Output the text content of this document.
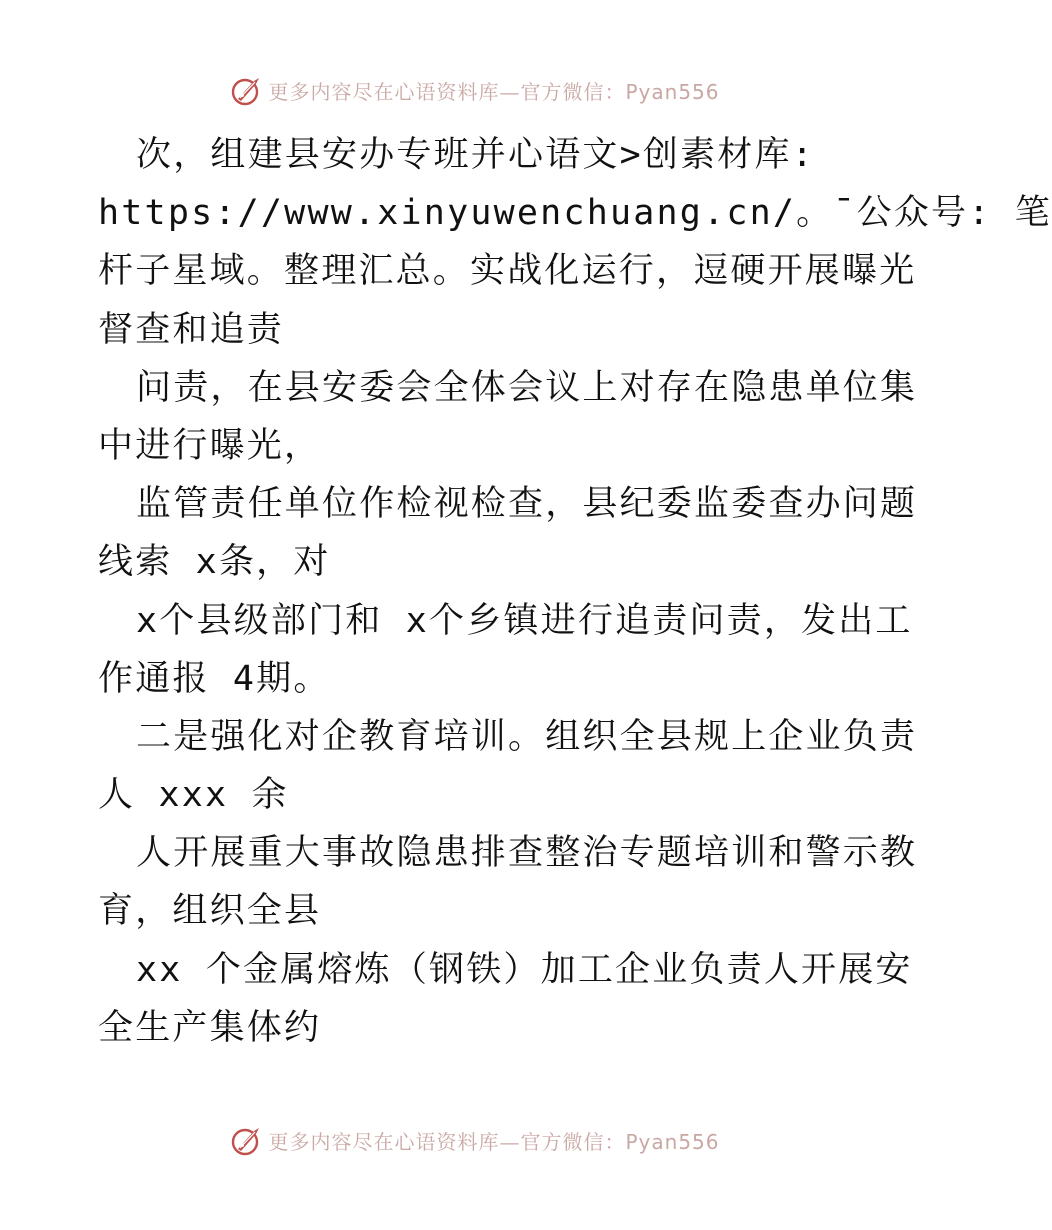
更多内容尽在心语资料库—官方微信：Pyan556
次，组建县安办专班并心语文>创素材库:
https://www.xinyuwenchuang.cn/。¯公众号: 笔
杆子星域。整理汇总。实战化运行，逗硬开展曝光
督查和追责
问责，在县安委会全体会议上对存在隐患单位集
中进行曝光，
监管责任单位作检视检查，县纪委监委查办问题
线索 x条，对
x个县级部门和 x个乡镇进行追责问责，发出工
作通报 4期。
二是强化对企教育培训。组织全县规上企业负责
人 xxx 余
人开展重大事故隐患排查整治专题培训和警示教
育，组织全县
xx 个金属熔炼（钢铁）加工企业负责人开展安
全生产集体约
更多内容尽在心语资料库—官方微信：Pyan556
